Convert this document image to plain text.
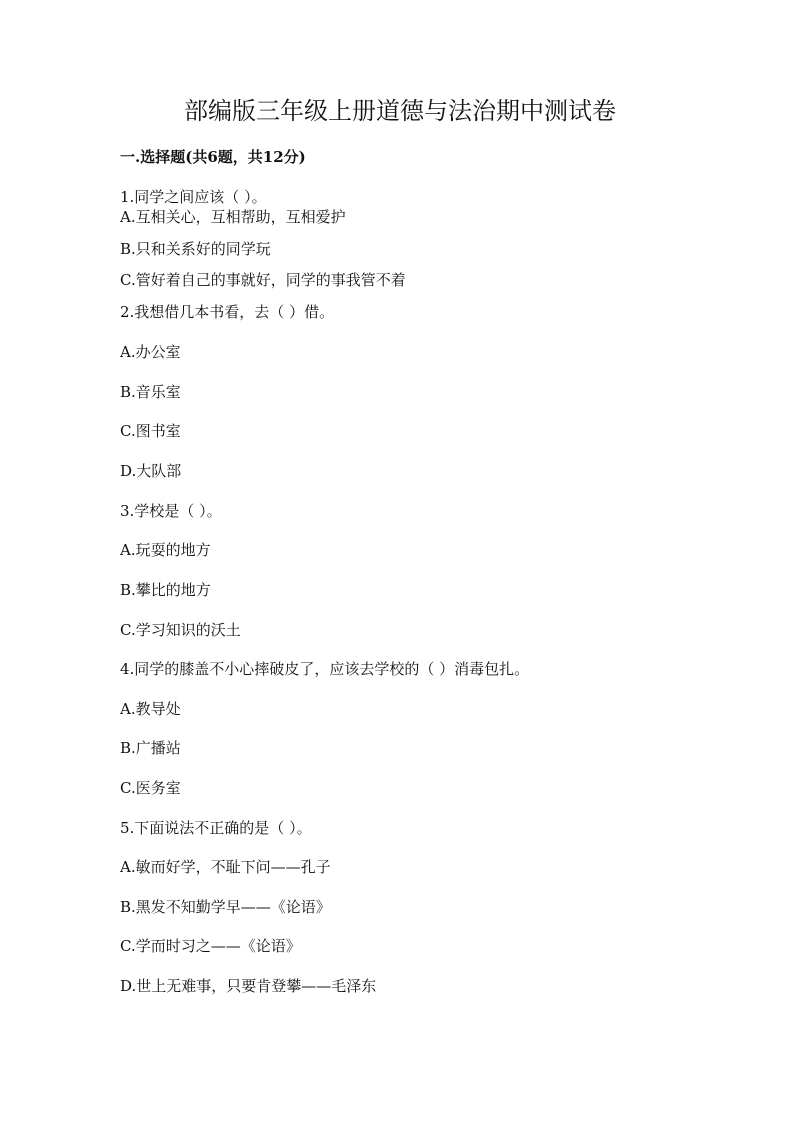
部编版三年级上册道德与法治期中测试卷

一.选择题(共6题，共12分)

1.同学之间应该（ ）。

A.互相关心，互相帮助，互相爱护

B.只和关系好的同学玩

C.管好着自己的事就好，同学的事我管不着

2.我想借几本书看，去（ ）借。

A.办公室

B.音乐室

C.图书室

D.大队部

3.学校是（ ）。

A.玩耍的地方

B.攀比的地方

C.学习知识的沃土

4.同学的膝盖不小心摔破皮了，应该去学校的（ ）消毒包扎。

A.教导处

B.广播站

C.医务室

5.下面说法不正确的是（ ）。

A.敏而好学，不耻下问——孔子

B.黑发不知勤学早——《论语》

C.学而时习之——《论语》

D.世上无难事，只要肯登攀——毛泽东
